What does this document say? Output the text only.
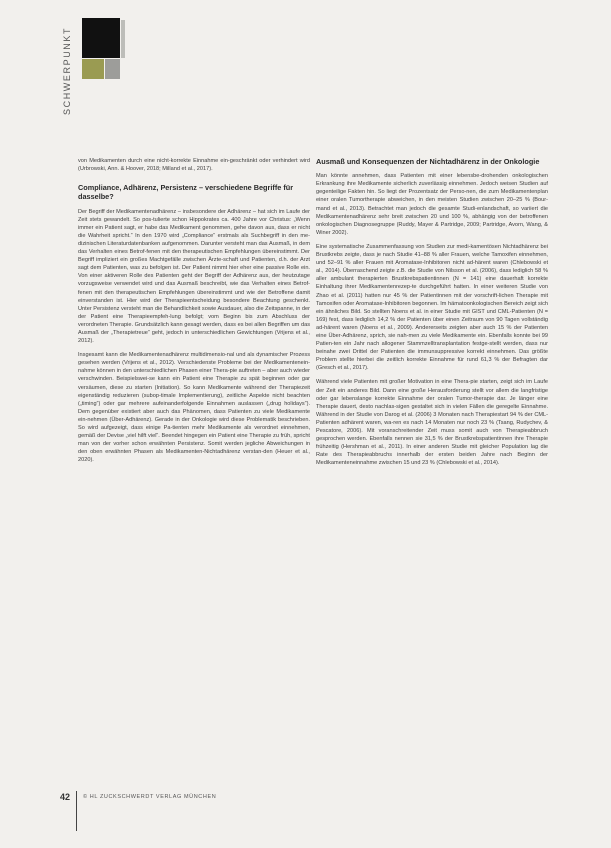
SCHWERPUNKT

von Medikamenten durch eine nicht-korrekte Einnahme ein-geschränkt oder verhindert wird (Urbrowski, Ann. & Hoover, 2018; Milland et al., 2017).

Compliance, Adhärenz, Persistenz – verschiedene Begriffe für dasselbe?

Der Begriff der Medikamentenadhärenz – insbesondere der Adhärenz – hat sich im Laufe der Zeit stets gewandelt. So pos-tulierte schon Hippokrates ca. 400 Jahre vor Christus: „Wenn immer ein Patient sagt, er habe das Medikament genommen, gehe davon aus, dass er nicht die Wahrheit spricht.“ In den 1970 wird „Compliance“ erstmals als Suchbegriff in den me-dizinischen Literaturdatenbanken aufgenommen. Darunter versteht man das Ausmaß, in dem das Verhalten eines Betrof-fenen mit den therapeutischen Empfehlungen übereinstimmt. Der Begriff impliziert ein großes Machtgefälle zwischen Ärzte-schaft und Patienten, d.h. der Arzt sagt dem Patienten, was zu befolgen ist. Der Patient nimmt hier eher eine passive Rolle ein. Von einer aktiveren Rolle des Patienten geht der Begriff der Adhärenz aus, der heutzutage vorzugsweise verwendet wird und das Ausmaß beschreibt, wie das Verhalten eines Betrof-fenen mit den therapeutischen Empfehlungen übereinstimmt und wie der Betroffene damit einverstanden ist. Hier wird der Therapieentscheidung besondere Beachtung geschenkt. Unter Persistenz versteht man die Behandlichkeit sowie Ausdauer, also die Zeitspanne, in der der Patient eine Therapieempfeh-lung befolgt; vom Beginn bis zum Abschluss der verordneten Therapie. Grundsätzlich kann gesagt werden, dass es bei allen Begriffen um das Ausmaß der „Therapietreue“ geht, jedoch in unterschiedlichen Gewichtungen (Vrijens et al., 2012).

Insgesamt kann die Medikamentenadhärenz multidimensio-nal und als dynamischer Prozess gesehen werden (Vrijens et al., 2012). Verschiedenste Probleme bei der Medikamentenein-nahme können in den unterschiedlichen Phasen einer Thera-pie auftreten – aber auch wieder verschwinden. Beispielswei-se kann ein Patient eine Therapie zu spät beginnen oder gar versäumen, diese zu starten (Initiation). So kann Medikamente während der Therapiezeit eigenständig reduzieren (subop-timale Implementierung), zeitliche Aspekte nicht beachten („timing“) oder gar mehrere aufeinanderfolgende Einnahmen auslassen („drug holidays“). Dem gegenüber existiert aber auch das Phänomen, dass Patienten zu viele Medikamente ein-nehmen (Über-Adhärenz). Gerade in der Onkologie wird diese Problematik beschrieben. So wird aufgezeigt, dass einige Pa-tienten mehr Medikamente als verordnet einnehmen, gemäß der Devise „viel hilft viel“. Beendet hingegen ein Patient eine Therapie zu früh, spricht man von der vorher schon erwähnten Persistenz. Somit werden jegliche Abweichungen in den oben erwähnten Phasen als Medikamenten-Nichtadhärenz verstan-den (Heuer et al., 2020).

Ausmaß und Konsequenzen der Nichtadhärenz in der Onkologie

Man könnte annehmen, dass Patienten mit einer lebensbe-drohenden onkologischen Erkrankung ihre Medikamente sicherlich zuverlässig einnehmen. Jedoch weisen Studien auf gegenteilige Fakten hin. So liegt der Prozentsatz der Perso-nen, die zum Medikamentenplan einer oralen Tumortherapie abweichen, in den meisten Studien zwischen 20–25 % (Bour-mand et al., 2013). Betrachtet man jedoch die gesamte Studi-enlandschaft, so variiert die Medikamentenadhärenz sehr breit zwischen 20 und 100 %, abhängig von der betroffenen onkologischen Diagnosegruppe (Ruddy, Mayer & Partridge, 2009; Partridge, Avorn, Wang, & Winer 2002).

Eine systematische Zusammenfassung von Studien zur medi-kamentösen Nichtadhärenz bei Brustkrebs zeigte, dass je nach Studie 41–88 % aller Frauen, welche Tamoxifen einnehmen, und 52–91 % aller Frauen mit Aromatase-Inhibitoren nicht ad-härent waren (Chlebowski et al., 2014). Überraschend zeigte z.B. die Studie von Nilsson et al. (2006), dass lediglich 58 % aller ambulant therapierten Brustkrebspatientinnen (N = 141) eine dauerhaft korrekte Einhaltung ihrer Medikamentenrezep-te durchgeführt hatten. In einer weiteren Studie von Zhao et al. (2011) hatten nur 45 % der Patientinnen mit der vorschrift-lichen Therapie mit Tamoxifen oder Aromatase-Inhibitoren begonnen. Im hämatoonkologischen Bereich zeigt sich ein ähnliches Bild. So stellten Noens et al. in einer Studie mit GIST und CML-Patienten (N = 169) fest, dass lediglich 14,2 % der Patienten über einen Zeitraum von 90 Tagen vollständig ad-härent waren (Noens et al., 2009). Andererseits zeigten aber auch 15 % der Patienten eine Über-Adhärenz, sprich, sie nah-men zu viele Medikamente ein. Ebenfalls konnte bei 99 Patien-ten ein Jahr nach allogener Stammzelltransplantation festge-stellt werden, dass nur beinahe zwei Drittel der Patienten die immunsuppressive korrekt einnehmen. Das größte Problem stellte hierbei die zeitlich korrekte Einnahme für rund 61,3 % der Befragten dar (Gresch et al., 2017).

Während viele Patienten mit großer Motivation in eine Thera-pie starten, zeigt sich im Laufe der Zeit ein anderes Bild. Dann eine große Herausforderung stellt vor allem die langfristige oder gar lebenslange korrekte Einnahme der oralen Tumor-therapie dar. Je länger eine Therapie dauert, desto nachlas-sigen gestaltet sich in vielen Fällen die geregelte Einnahme. Während in der Studie von Darog et al. (2006) 3 Monaten nach Therapiestart 94 % der CML-Patienten adhärent waren, wa-ren es nach 14 Monaten nur noch 23 % (Tsang, Rudychev, & Pescatore, 2006). Mit voranschreitender Zeit muss somit auch von Therapieabbruch gesprochen werden. Ebenfalls nennen sie 31,5 % der Brustkrebspatientinnen ihre Therapie frühzeitig (Hershman et al., 2011). In einer anderen Studie mit gleicher Population lag die Rate des Therapieabbruchs innerhalb der ersten beiden Jahre nach Beginn der Medikamenteneinnahme zwischen 15 und 23 % (Chlebowski et al., 2014).

42 © HL ZUCKSCHWERDT VERLAG MÜNCHEN
